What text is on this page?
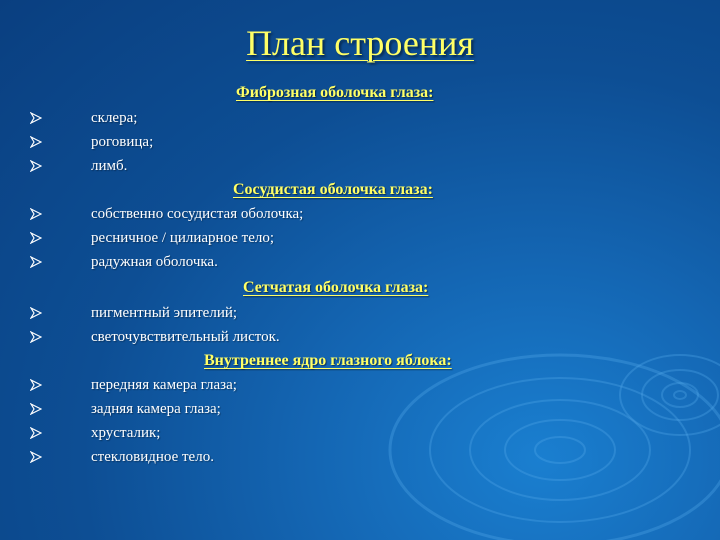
План строения
Фиброзная оболочка глаза:
склера;
роговица;
лимб.
Сосудистая оболочка глаза:
собственно сосудистая оболочка;
ресничное / цилиарное тело;
радужная оболочка.
Сетчатая оболочка глаза:
пигментный эпителий;
светочувствительный листок.
Внутреннее ядро глазного яблока:
передняя камера глаза;
задняя камера глаза;
хрусталик;
стекловидное тело.
